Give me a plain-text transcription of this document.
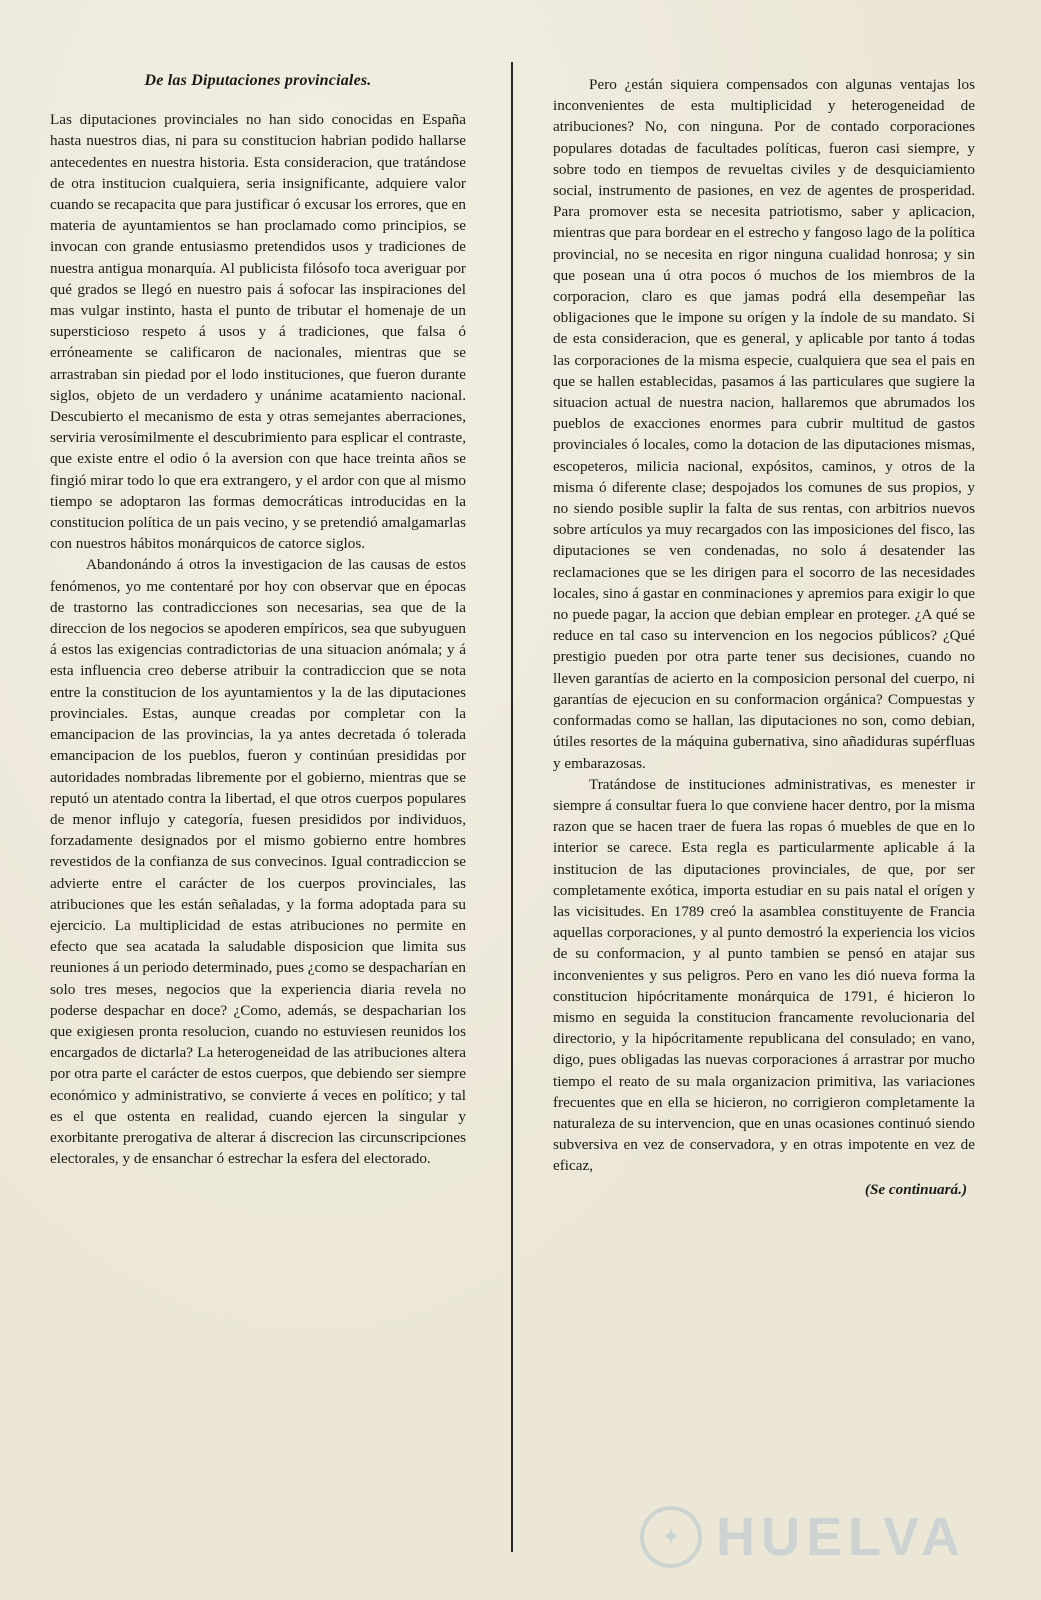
De las Diputaciones provinciales.

Las diputaciones provinciales no han sido conocidas en España hasta nuestros dias, ni para su constitucion habrian podido hallarse antecedentes en nuestra historia. Esta consideracion, que tratándose de otra institucion cualquiera, seria insignificante, adquiere valor cuando se recapacita que para justificar ó excusar los errores, que en materia de ayuntamientos se han proclamado como principios, se invocan con grande entusiasmo pretendidos usos y tradiciones de nuestra antigua monarquía. Al publicista filósofo toca averiguar por qué grados se llegó en nuestro pais á sofocar las inspiraciones del mas vulgar instinto, hasta el punto de tributar el homenaje de un supersticioso respeto á usos y á tradiciones, que falsa ó erróneamente se calificaron de nacionales, mientras que se arrastraban sin piedad por el lodo instituciones, que fueron durante siglos, objeto de un verdadero y unánime acatamiento nacional. Descubierto el mecanismo de esta y otras semejantes aberraciones, serviria verosímilmente el descubrimiento para esplicar el contraste, que existe entre el odio ó la aversion con que hace treinta años se fingió mirar todo lo que era extrangero, y el ardor con que al mismo tiempo se adoptaron las formas democráticas introducidas en la constitucion política de un pais vecino, y se pretendió amalgamarlas con nuestros hábitos monárquicos de catorce siglos.

Abandonándo á otros la investigacion de las causas de estos fenómenos, yo me contentaré por hoy con observar que en épocas de trastorno las contradicciones son necesarias, sea que de la direccion de los negocios se apoderen empíricos, sea que subyuguen á estos las exigencias contradictorias de una situacion anómala; y á esta influencia creo deberse atribuir la contradiccion que se nota entre la constitucion de los ayuntamientos y la de las diputaciones provinciales. Estas, aunque creadas por completar con la emancipacion de las provincias, la ya antes decretada ó tolerada emancipacion de los pueblos, fueron y continúan presididas por autoridades nombradas libremente por el gobierno, mientras que se reputó un atentado contra la libertad, el que otros cuerpos populares de menor influjo y categoría, fuesen presididos por individuos, forzadamente designados por el mismo gobierno entre hombres revestidos de la confianza de sus convecinos. Igual contradiccion se advierte entre el carácter de los cuerpos provinciales, las atribuciones que les están señaladas, y la forma adoptada para su ejercicio. La multiplicidad de estas atribuciones no permite en efecto que sea acatada la saludable disposicion que limita sus reuniones á un periodo determinado, pues ¿como se despacharían en solo tres meses, negocios que la experiencia diaria revela no poderse despachar en doce? ¿Como, además, se despacharian los que exigiesen pronta resolucion, cuando no estuviesen reunidos los encargados de dictarla? La heterogeneidad de las atribuciones altera por otra parte el carácter de estos cuerpos, que debiendo ser siempre económico y administrativo, se convierte á veces en político; y tal es el que ostenta en realidad, cuando ejercen la singular y exorbitante prerogativa de alterar á discrecion las circunscripciones electorales, y de ensanchar ó estrechar la esfera del electorado.

Pero ¿están siquiera compensados con algunas ventajas los inconvenientes de esta multiplicidad y heterogeneidad de atribuciones? No, con ninguna. Por de contado corporaciones populares dotadas de facultades políticas, fueron casi siempre, y sobre todo en tiempos de revueltas civiles y de desquiciamiento social, instrumento de pasiones, en vez de agentes de prosperidad. Para promover esta se necesita patriotismo, saber y aplicacion, mientras que para bordear en el estrecho y fangoso lago de la política provincial, no se necesita en rigor ninguna cualidad honrosa; y sin que posean una ú otra pocos ó muchos de los miembros de la corporacion, claro es que jamas podrá ella desempeñar las obligaciones que le impone su orígen y la índole de su mandato. Si de esta consideracion, que es general, y aplicable por tanto á todas las corporaciones de la misma especie, cualquiera que sea el pais en que se hallen establecidas, pasamos á las particulares que sugiere la situacion actual de nuestra nacion, hallaremos que abrumados los pueblos de exacciones enormes para cubrir multitud de gastos provinciales ó locales, como la dotacion de las diputaciones mismas, escopeteros, milicia nacional, expósitos, caminos, y otros de la misma ó diferente clase; despojados los comunes de sus propios, y no siendo posible suplir la falta de sus rentas, con arbitrios nuevos sobre artículos ya muy recargados con las imposiciones del fisco, las diputaciones se ven condenadas, no solo á desatender las reclamaciones que se les dirigen para el socorro de las necesidades locales, sino á gastar en conminaciones y apremios para exigir lo que no puede pagar, la accion que debian emplear en proteger. ¿A qué se reduce en tal caso su intervencion en los negocios públicos? ¿Qué prestigio pueden por otra parte tener sus decisiones, cuando no lleven garantías de acierto en la composicion personal del cuerpo, ni garantías de ejecucion en su conformacion orgánica? Compuestas y conformadas como se hallan, las diputaciones no son, como debian, útiles resortes de la máquina gubernativa, sino añadiduras supérfluas y embarazosas.

Tratándose de instituciones administrativas, es menester ir siempre á consultar fuera lo que conviene hacer dentro, por la misma razon que se hacen traer de fuera las ropas ó muebles de que en lo interior se carece. Esta regla es particularmente aplicable á la institucion de las diputaciones provinciales, de que, por ser completamente exótica, importa estudiar en su pais natal el orígen y las vicisitudes. En 1789 creó la asamblea constituyente de Francia aquellas corporaciones, y al punto demostró la experiencia los vicios de su conformacion, y al punto tambien se pensó en atajar sus inconvenientes y sus peligros. Pero en vano les dió nueva forma la constitucion hipócritamente monárquica de 1791, é hicieron lo mismo en seguida la constitucion francamente revolucionaria del directorio, y la hipócritamente republicana del consulado; en vano, digo, pues obligadas las nuevas corporaciones á arrastrar por mucho tiempo el reato de su mala organizacion primitiva, las variaciones frecuentes que en ella se hicieron, no corrigieron completamente la naturaleza de su intervencion, que en unas ocasiones continuó siendo subversiva en vez de conservadora, y en otras impotente en vez de eficaz,

(Se continuará.)
✦ HUELVA
